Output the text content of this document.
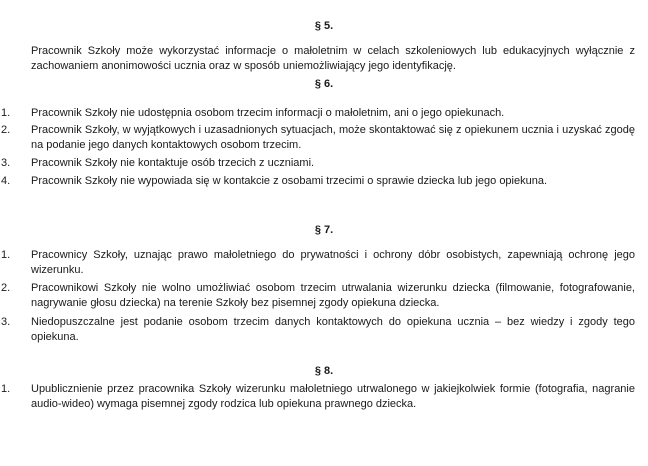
§ 5.
Pracownik Szkoły może wykorzystać informacje o małoletnim w celach szkoleniowych lub edukacyjnych wyłącznie z zachowaniem anonimowości ucznia oraz w sposób uniemożliwiający jego identyfikację.
§ 6.
1. Pracownik Szkoły nie udostępnia osobom trzecim informacji o małoletnim, ani o jego opiekunach.
2. Pracownik Szkoły, w wyjątkowych i uzasadnionych sytuacjach, może skontaktować się z opiekunem ucznia i uzyskać zgodę na podanie jego danych kontaktowych osobom trzecim.
3. Pracownik Szkoły nie kontaktuje osób trzecich z uczniami.
4. Pracownik Szkoły nie wypowiada się w kontakcie z osobami trzecimi o sprawie dziecka lub jego opiekuna.
§ 7.
1. Pracownicy Szkoły, uznając prawo małoletniego do prywatności i ochrony dóbr osobistych, zapewniają ochronę jego wizerunku.
2. Pracownikowi Szkoły nie wolno umożliwiać osobom trzecim utrwalania wizerunku dziecka (filmowanie, fotografowanie, nagrywanie głosu dziecka) na terenie Szkoły bez pisemnej zgody opiekuna dziecka.
3. Niedopuszczalne jest podanie osobom trzecim danych kontaktowych do opiekuna ucznia – bez wiedzy i zgody tego opiekuna.
§ 8.
1. Upublicznienie przez pracownika Szkoły wizerunku małoletniego utrwalonego w jakiejkolwiek formie (fotografia, nagranie audio-wideo) wymaga pisemnej zgody rodzica lub opiekuna prawnego dziecka.
